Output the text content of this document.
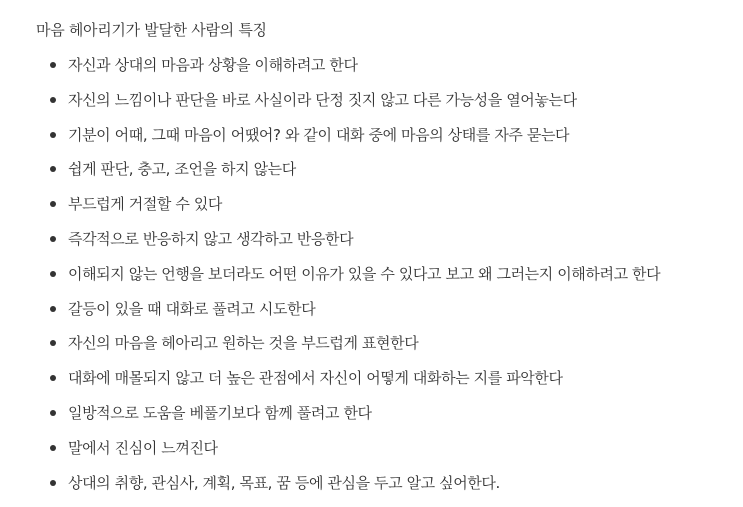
마음 헤아리기가 발달한 사람의 특징
자신과 상대의 마음과 상황을 이해하려고 한다
자신의 느낌이나 판단을 바로 사실이라 단정 짓지 않고 다른 가능성을 열어놓는다
기분이 어때, 그때 마음이 어땠어? 와 같이 대화 중에 마음의 상태를 자주 묻는다
쉽게 판단, 충고, 조언을 하지 않는다
부드럽게 거절할 수 있다
즉각적으로 반응하지 않고 생각하고 반응한다
이해되지 않는 언행을 보더라도 어떤 이유가 있을 수 있다고 보고 왜 그러는지 이해하려고 한다
갈등이 있을 때 대화로 풀려고 시도한다
자신의 마음을 헤아리고 원하는 것을 부드럽게 표현한다
대화에 매몰되지 않고 더 높은 관점에서 자신이 어떻게 대화하는 지를 파악한다
일방적으로 도움을 베풀기보다 함께 풀려고 한다
말에서 진심이 느껴진다
상대의 취향, 관심사, 계획, 목표, 꿈 등에 관심을 두고 알고 싶어한다.
